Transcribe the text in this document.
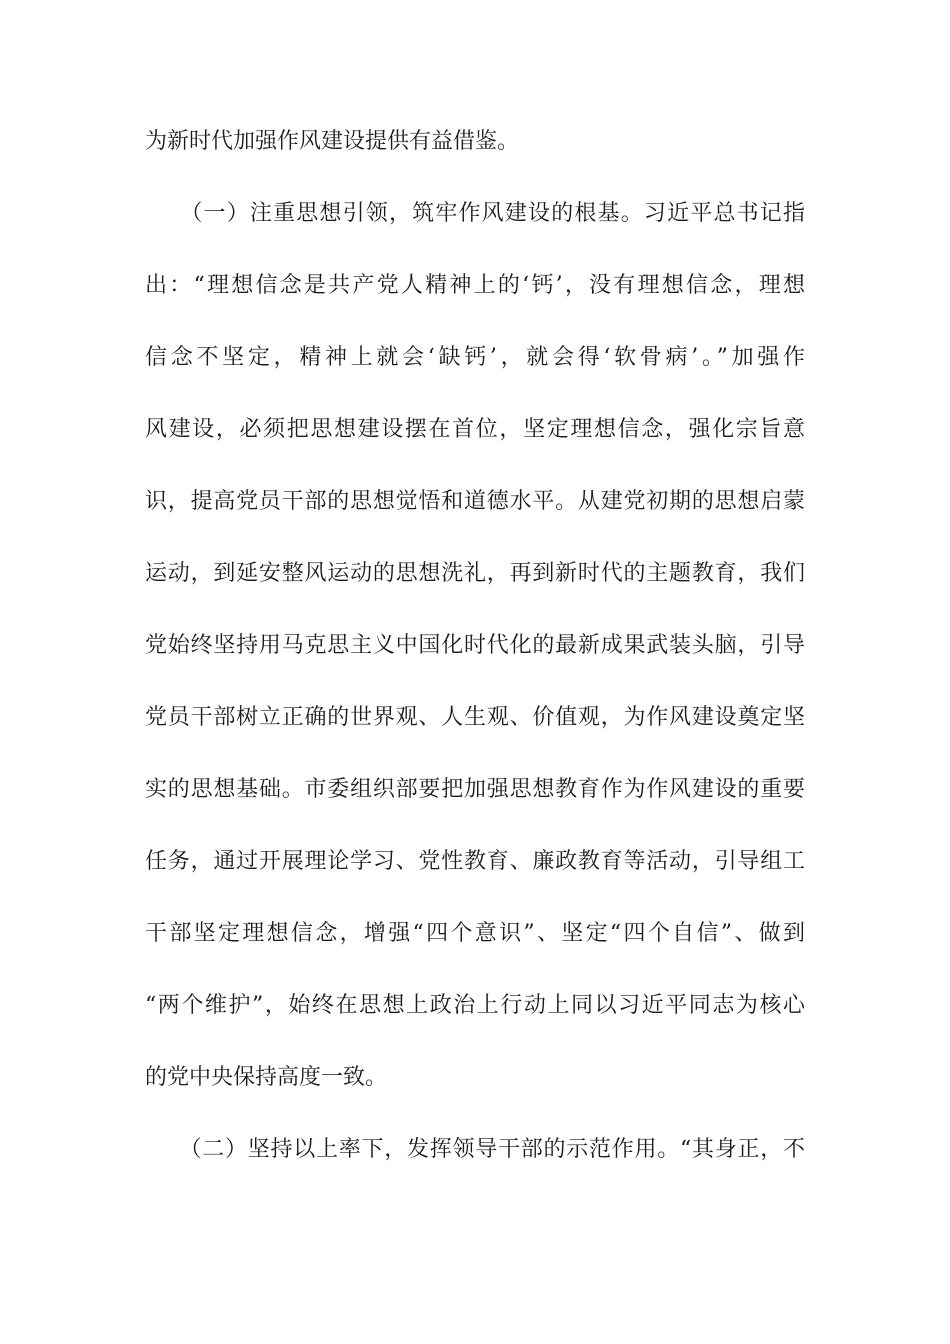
为新时代加强作风建设提供有益借鉴。
　　（一）注重思想引领，筑牢作风建设的根基。习近平总书记指
出：“理想信念是共产党人精神上的‘钙’，没有理想信念，理想
信念不坚定，精神上就会‘缺钙’，就会得‘软骨病’。”加强作
风建设，必须把思想建设摆在首位，坚定理想信念，强化宗旨意
识，提高党员干部的思想觉悟和道德水平。从建党初期的思想启蒙
运动，到延安整风运动的思想洗礼，再到新时代的主题教育，我们
党始终坚持用马克思主义中国化时代化的最新成果武装头脑，引导
党员干部树立正确的世界观、人生观、价值观，为作风建设奠定坚
实的思想基础。市委组织部要把加强思想教育作为作风建设的重要
任务，通过开展理论学习、党性教育、廉政教育等活动，引导组工
干部坚定理想信念，增强“四个意识”、坚定“四个自信”、做到
“两个维护”，始终在思想上政治上行动上同以习近平同志为核心
的党中央保持高度一致。
　　（二）坚持以上率下，发挥领导干部的示范作用。“其身正，不
